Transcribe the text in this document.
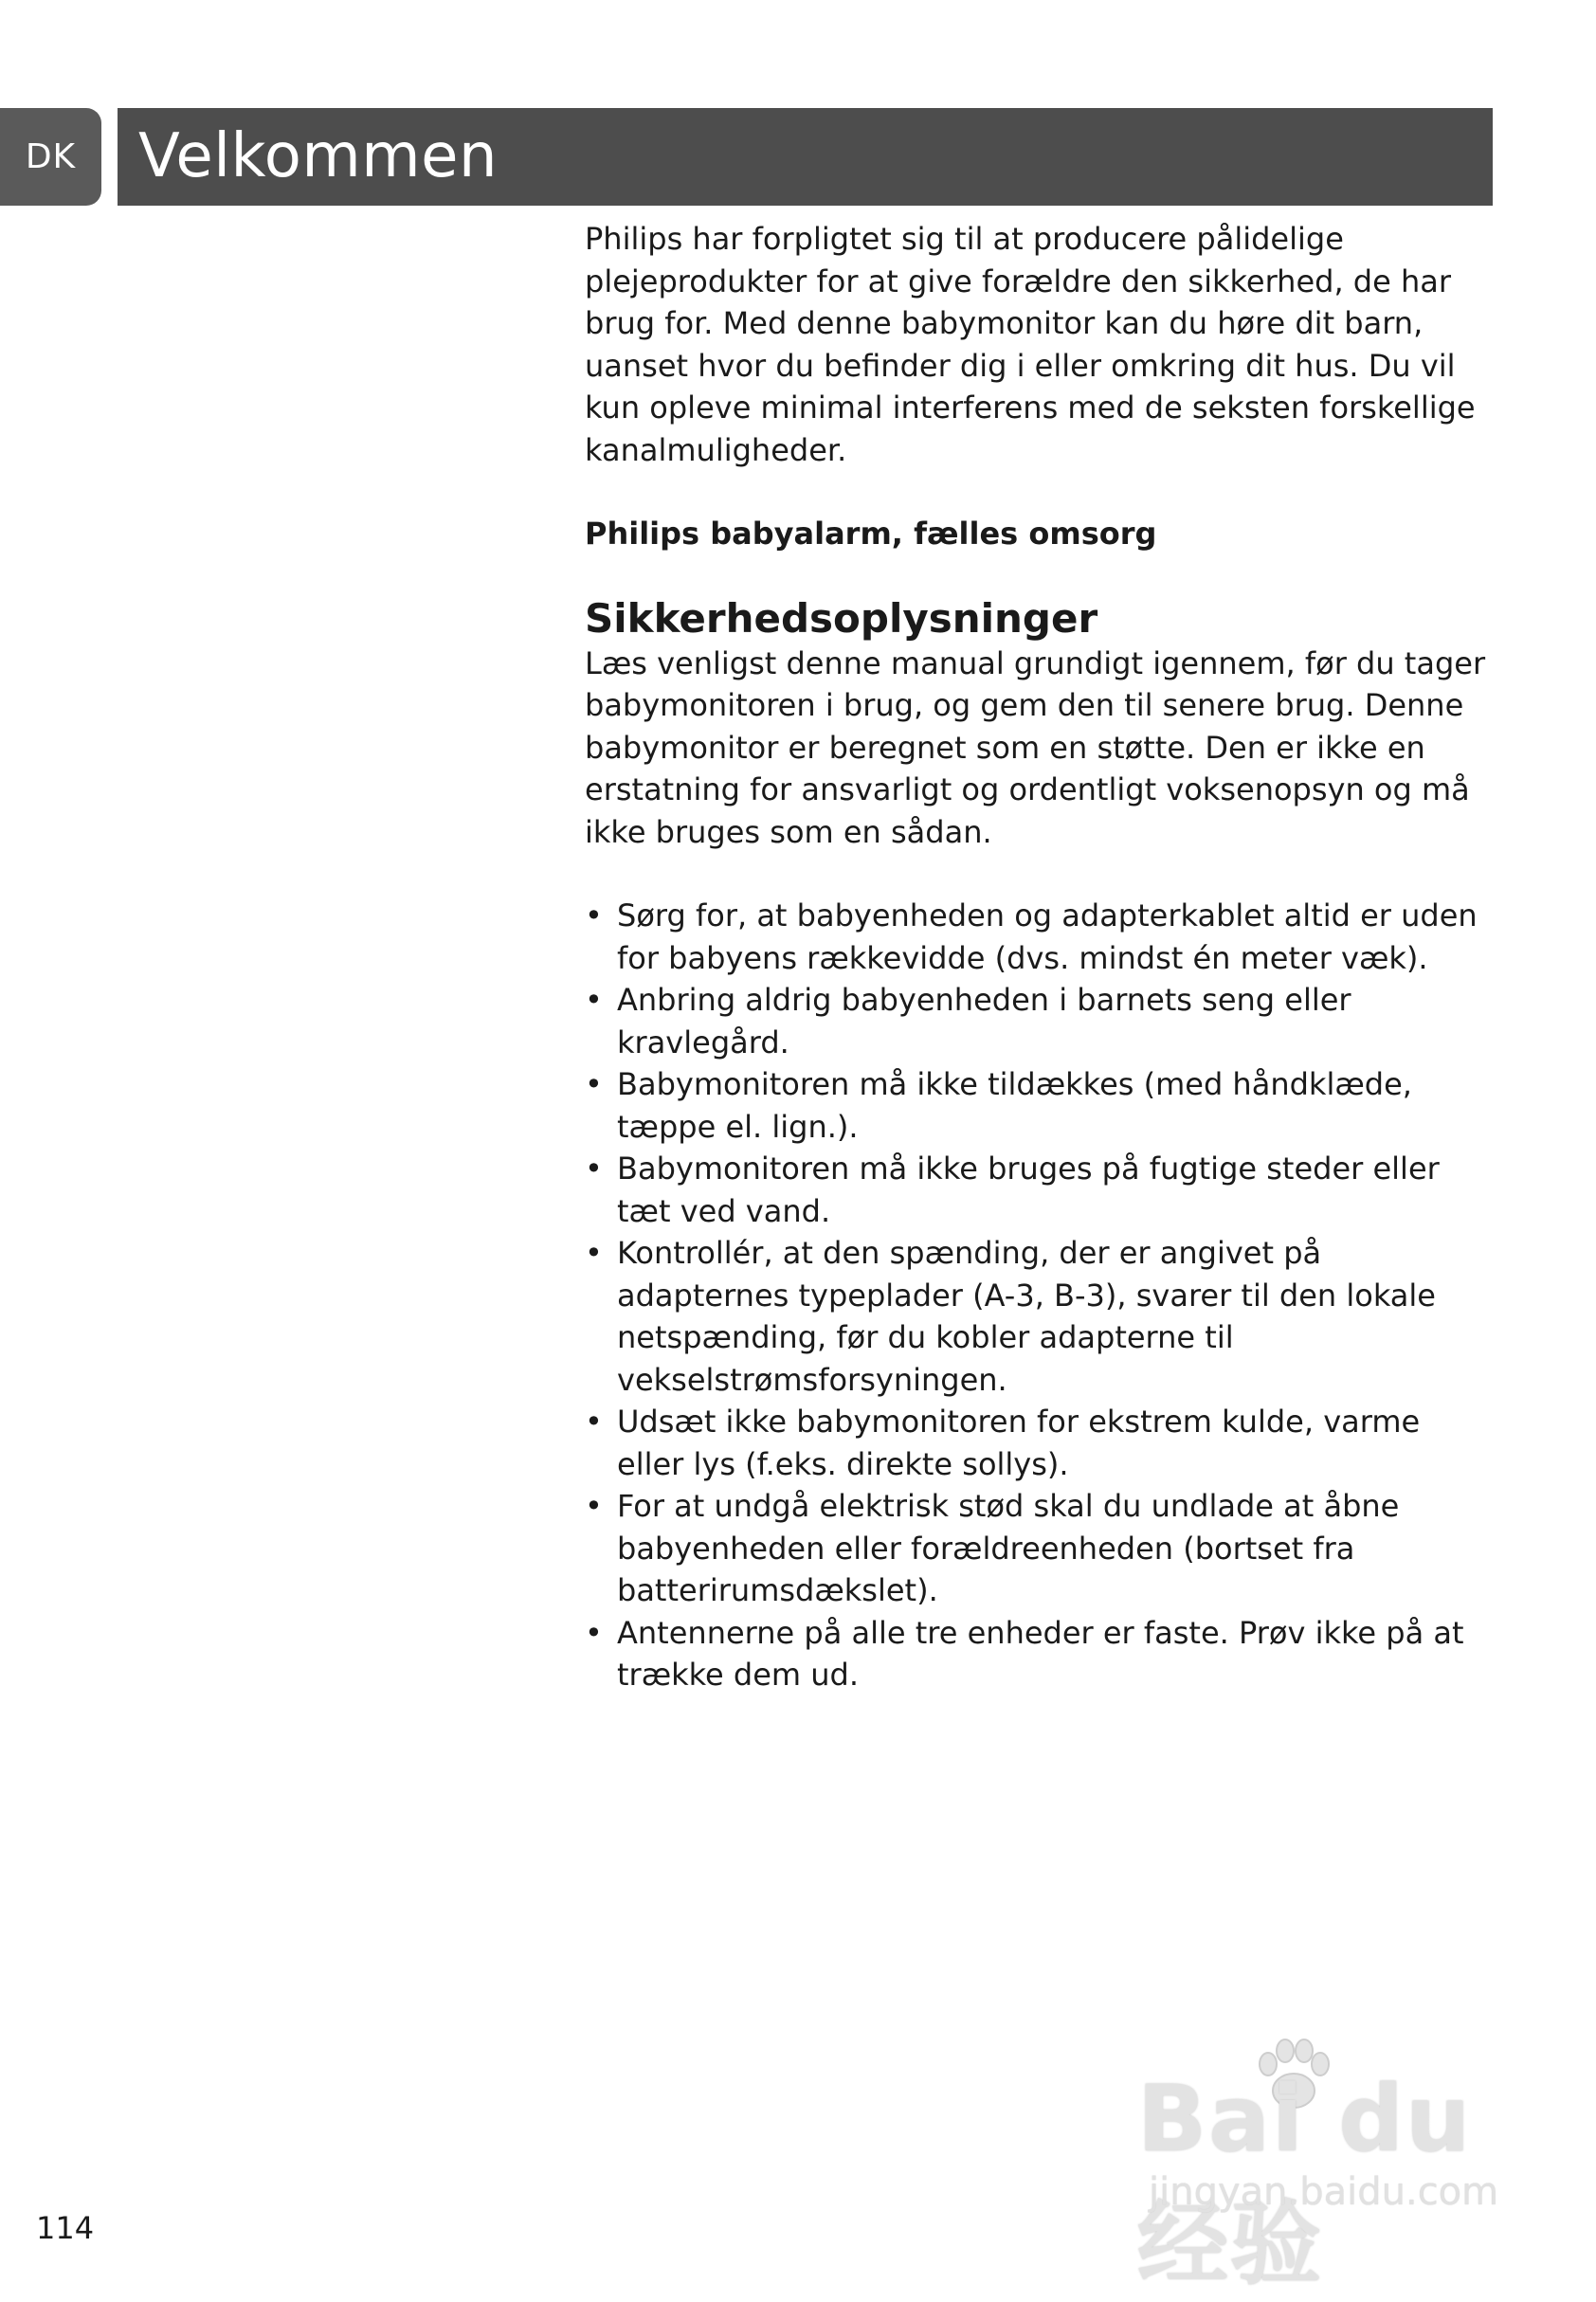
DK	Velkommen

Philips har forpligtet sig til at producere pålidelige plejeprodukter for at give forældre den sikkerhed, de har brug for. Med denne babymonitor kan du høre dit barn, uanset hvor du befinder dig i eller omkring dit hus. Du vil kun opleve minimal interferens med de seksten forskellige kanalmuligheder.

Philips babyalarm, fælles omsorg

Sikkerhedsoplysninger

Læs venligst denne manual grundigt igennem, før du tager babymonitoren i brug, og gem den til senere brug. Denne babymonitor er beregnet som en støtte. Den er ikke en erstatning for ansvarligt og ordentligt voksenopsyn og må ikke bruges som en sådan.

• Sørg for, at babyenheden og adapterkablet altid er uden for babyens rækkevidde (dvs. mindst én meter væk).
• Anbring aldrig babyenheden i barnets seng eller kravlegård.
• Babymonitoren må ikke tildækkes (med håndklæde, tæppe el. lign.).
• Babymonitoren må ikke bruges på fugtige steder eller tæt ved vand.
• Kontrollér, at den spænding, der er angivet på adapternes typeplader (A-3, B-3), svarer til den lokale netspænding, før du kobler adapterne til vekselstrømsforsyningen.
• Udsæt ikke babymonitoren for ekstrem kulde, varme eller lys (f.eks. direkte sollys).
• For at undgå elektrisk stød skal du undlade at åbne babyenheden eller forældreenheden (bortset fra batterirumsdækslet).
• Antennerne på alle tre enheder er faste. Prøv ikke på at trække dem ud.
114
Bai du 经验
jingyan.baidu.com
